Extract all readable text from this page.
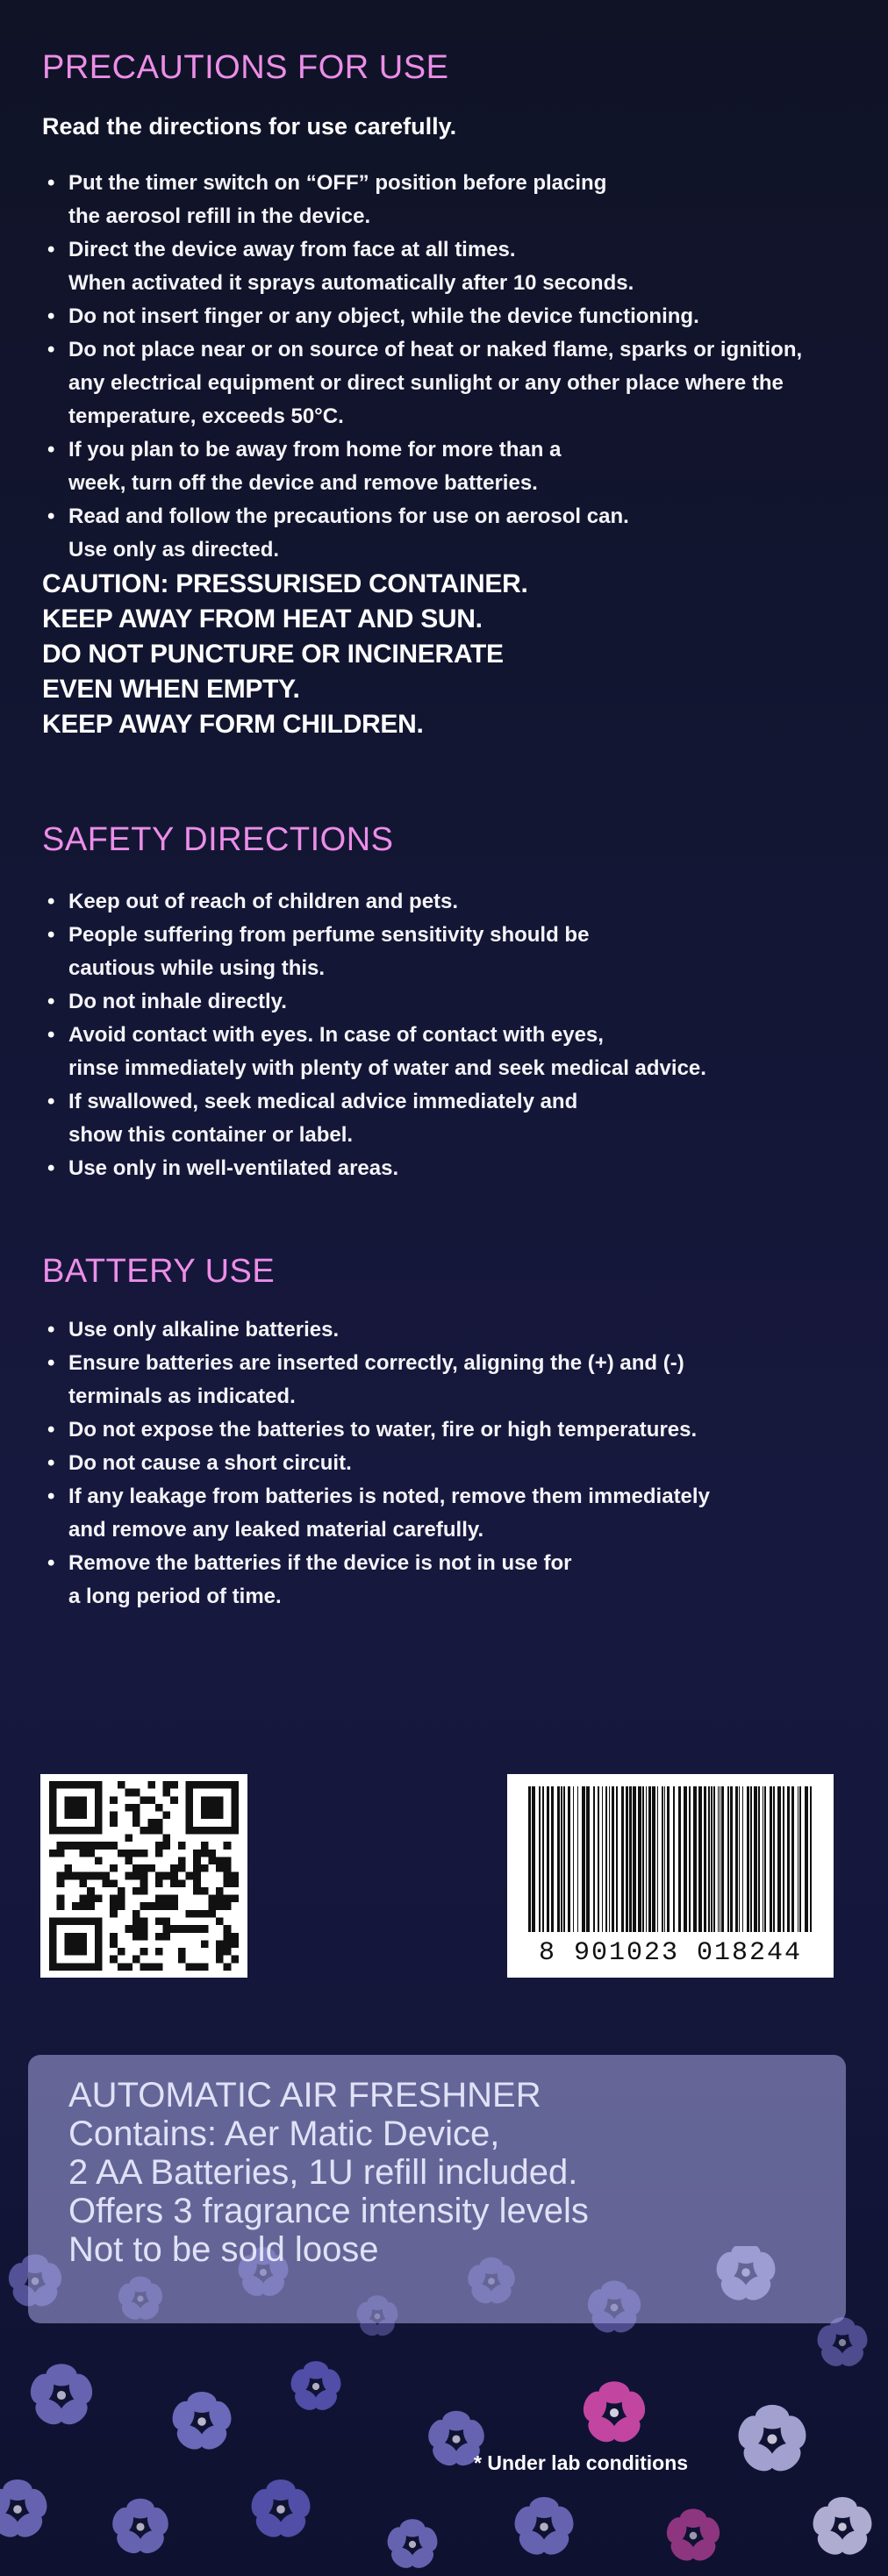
PRECAUTIONS FOR USE

Read the directions for use carefully.

• Put the timer switch on “OFF” position before placing
the aerosol refill in the device.
• Direct the device away from face at all times.
When activated it sprays automatically after 10 seconds.
• Do not insert finger or any object, while the device functioning.
• Do not place near or on source of heat or naked flame, sparks or ignition,
any electrical equipment or direct sunlight or any other place where the
temperature, exceeds 50°C.
• If you plan to be away from home for more than a
week, turn off the device and remove batteries.
• Read and follow the precautions for use on aerosol can.
Use only as directed.

CAUTION: PRESSURISED CONTAINER.

KEEP AWAY FROM HEAT AND SUN.

DO NOT PUNCTURE OR INCINERATE

EVEN WHEN EMPTY.

KEEP AWAY FORM CHILDREN.

SAFETY DIRECTIONS
• Keep out of reach of children and pets.
• People suffering from perfume sensitivity should be
cautious while using this.
• Do not inhale directly.
• Avoid contact with eyes. In case of contact with eyes,
rinse immediately with plenty of water and seek medical advice.
• If swallowed, seek medical advice immediately and
show this container or label.
• Use only in well-ventilated areas.
BATTERY USE
• Use only alkaline batteries.
• Ensure batteries are inserted correctly, aligning the (+) and (-)
terminals as indicated.
• Do not expose the batteries to water, fire or high temperatures.
• Do not cause a short circuit.
• If any leakage from batteries is noted, remove them immediately
and remove any leaked material carefully.
• Remove the batteries if the device is not in use for
a long period of time.
8 901023 018244

AUTOMATIC AIR FRESHNER

Contains: Aer Matic Device,

2 AA Batteries, 1U refill included.

Offers 3 fragrance intensity levels

Not to be sold loose

* Under lab conditions
